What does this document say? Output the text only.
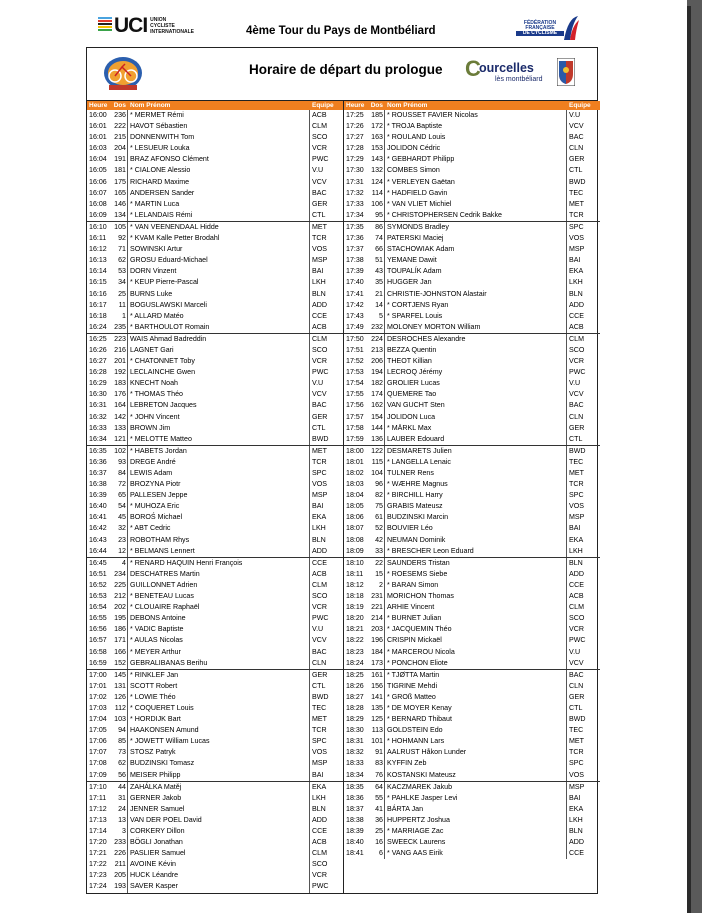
UCI UNION
CYCLISTE
INTERNATIONALE	4ème Tour du Pays de Montbéliard
FÉDÉRATION
FRANÇAISE
DE CYCLISME
Horaire de départ du prologue C
ourcelles
lès montbéliard
Heure Dos Nom Prénom	Equipe
16:00	236 * MERMET Rémi	ACB
16:01	222 HAVOT Sébastien	CLM
16:01	215 DONNENWITH Tom	SCO
16:03	204 * LESUEUR Louka	VCR
16:04	191 BRAZ AFONSO Clément	PWC
16:05	181 * CIALONE Alessio	V.U
16:06	175 RICHARD Maxime	VCV
16:07	165 ANDERSEN Sander	BAC
16:08	146 * MARTIN Luca	GER
16:09	134 * LELANDAIS Rémi	CTL
16:10	105 * VAN VEENENDAAL Hidde	MET
16:11	92 * KVAM Kalle Petter Brodahl	TCR
16:12	71 SOWINSKI Artur	VOS
16:13	62 GROSU Eduard-Michael	MSP
16:14	53 DORN Vinzent	BAI
16:15	34 * KEUP Pierre-Pascal	LKH
16:16	25 BURNS Luke	BLN
16:17	11 BOGUSLAWSKI Marceli	ADD
16:18	1 * ALLARD Matéo	CCE
16:24	235 * BARTHOULOT Romain	ACB
16:25	223 WAIS Ahmad Badreddin	CLM
16:26	216 LAGNET Gari	SCO
16:27	201 * CHATONNET Toby	VCR
16:28	192 LECLAINCHE Gwen	PWC
16:29	183 KNECHT Noah	V.U
16:30	176 * THOMAS Théo	VCV
16:31	164 LEBRETON Jacques	BAC
16:32	142 * JOHN Vincent	GER
16:33	133 BROWN Jim	CTL
16:34	121 * MELOTTE Matteo	BWD
16:35	102 * HABETS Jordan	MET
16:36	93 DREGE André	TCR
16:37	84 LEWIS Adam	SPC
16:38	72 BROZYNA Piotr	VOS
16:39	65 PALLESEN Jeppe	MSP
16:40	54 * MUHOZA Eric	BAI
16:41	45 BOROŚ Michael	EKA
16:42	32 * ABT Cedric	LKH
16:43	23 ROBOTHAM Rhys	BLN
16:44	12 * BELMANS Lennert	ADD
16:45	4 * RENARD HAQUIN Henri François	CCE
16:51	234 DESCHATRES Martin	ACB
16:52	225 GUILLONNET Adrien	CLM
16:53	212 * BENETEAU Lucas	SCO
16:54	202 * CLOUAIRE Raphaël	VCR
16:55	195 DEBONS Antoine	PWC
16:56	186 * VADIC Baptiste	V.U
16:57	171 * AULAS Nicolas	VCV
16:58	166 * MEYER Arthur	BAC
16:59	152 GEBRALIBANAS Berihu	CLN
17:00	145 * RINKLEF Jan	GER
17:01	131 SCOTT Robert	CTL
17:02	126 * LOWIE Théo	BWD
17:03	112 * COQUERET Louis	TEC
17:04	103 * HORDIJK Bart	MET
17:05	94 HAAKONSEN Amund	TCR
17:06	85 * JOWETT William Lucas	SPC
17:07	73 STOSZ Patryk	VOS
17:08	62 BUDZINSKI Tomasz	MSP
17:09	56 MEISER Philipp	BAI
17:10	44 ZAHÁLKA Matěj	EKA
17:11	31 GERNER Jakob	LKH
17:12	24 JENNER Samuel	BLN
17:13	13 VAN DER POEL David	ADD
17:14	3 CORKERY Dillon	CCE
17:20	233 BÖGLI Jonathan	ACB
17:21	226 PASLIER Samuel	CLM
17:22	211 AVOINE Kévin	SCO
17:23	205 HUCK Léandre	VCR
17:24	193 SAVER Kasper	PWC
Heure Dos Nom Prénom	Equipe
17:25	185 * ROUSSET FAVIER Nicolas	V.U
17:26	172 * TROJA Baptiste	VCV
17:27	163 * ROULAND Louis	BAC
17:28	153 JOLIDON Cédric	CLN
17:29	143 * GEBHARDT Philipp	GER
17:30	132 COMBES Simon	CTL
17:31	124 * VERLEYEN Gaëtan	BWD
17:32	114 * HADFIELD Gavin	TEC
17:33	106 * VAN VLIET Michiel	MET
17:34	95 * CHRISTOPHERSEN Cedrik Bakke	TCR
17:35	86 SYMONDS Bradley	SPC
17:36	74 PATERSKI Maciej	VOS
17:37	66 STACHOWIAK Adam	MSP
17:38	51 YEMANE Dawit	BAI
17:39	43 TOUPALÍK Adam	EKA
17:40	35 HUGGER Jan	LKH
17:41	21 CHRISTIE-JOHNSTON Alastair	BLN
17:42	14 * CORTJENS Ryan	ADD
17:43	5 * SPARFEL Louis	CCE
17:49	232 MOLONEY MORTON William	ACB
17:50	224 DESROCHES Alexandre	CLM
17:51	213 BEZZA Quentin	SCO
17:52	206 THEOT Killian	VCR
17:53	194 LECROQ Jérémy	PWC
17:54	182 GROLIER Lucas	V.U
17:55	174 QUEMERE Tao	VCV
17:56	162 VAN GUCHT Sten	BAC
17:57	154 JOLIDON Luca	CLN
17:58	144 * MÄRKL Max	GER
17:59	136 LAUBER Edouard	CTL
18:00	122 DESMARETS Julien	BWD
18:01	115 * LANGELLA Lenaic	TEC
18:02	104 TULNER Rens	MET
18:03	96 * WÆHRE Magnus	TCR
18:04	82 * BIRCHILL Harry	SPC
18:05	75 GRABIS Mateusz	VOS
18:06	61 BUDZINSKI Marcin	MSP
18:07	52 BOUVIER Léo	BAI
18:08	42 NEUMAN Dominik	EKA
18:09	33 * BRESCHER Leon Eduard	LKH
18:10	22 SAUNDERS Tristan	BLN
18:11	15 * ROESEMS Siebe	ADD
18:12	2 * BARAN Simon	CCE
18:18	231 MORICHON Thomas	ACB
18:19	221 ARHIE Vincent	CLM
18:20	214 * BURNET Julian	SCO
18:21	203 * JACQUEMIN Théo	VCR
18:22	196 CRISPIN Mickaël	PWC
18:23	184 * MARCEROU Nicola	V.U
18:24	173 * PONCHON Eliote	VCV
18:25	161 * TJØTTA Martin	BAC
18:26	156 TIGRINE Mehdi	CLN
18:27	141 * GROß Matteo	GER
18:28	135 * DE MOYER Kenay	CTL
18:29	125 * BERNARD Thibaut	BWD
18:30	113 GOLDSTEIN Edo	TEC
18:31	101 * HOHMANN Lars	MET
18:32	91 AALRUST Håkon Lunder	TCR
18:33	83 KYFFIN Zeb	SPC
18:34	76 KOSTANSKI Mateusz	VOS
18:35	64 KACZMAREK Jakub	MSP
18:36	55 * PAHLKE Jasper Levi	BAI
18:37	41 BÁRTA Jan	EKA
18:38	36 HUPPERTZ Joshua	LKH
18:39	25 * MARRIAGE Zac	BLN
18:40	16 SWEECK Laurens	ADD
18:41	6 * VANG AAS Eirik	CCE
